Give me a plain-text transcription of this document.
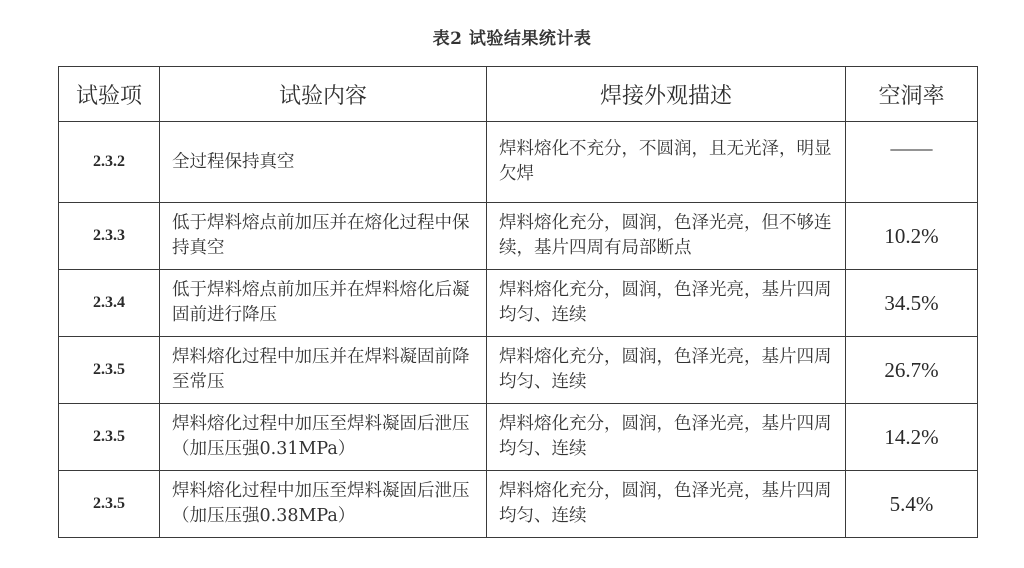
表2 试验结果统计表
试验项	试验内容	焊接外观描述	空洞率
2.3.2	全过程保持真空	焊料熔化不充分，不圆润，且无光泽，明显欠焊	——
2.3.3	低于焊料熔点前加压并在熔化过程中保持真空	焊料熔化充分，圆润，色泽光亮，但不够连续，基片四周有局部断点	10.2%
2.3.4	低于焊料熔点前加压并在焊料熔化后凝固前进行降压	焊料熔化充分，圆润，色泽光亮，基片四周均匀、连续	34.5%
2.3.5	焊料熔化过程中加压并在焊料凝固前降至常压	焊料熔化充分，圆润，色泽光亮，基片四周均匀、连续	26.7%
2.3.5	焊料熔化过程中加压至焊料凝固后泄压（加压压强0.31MPa）	焊料熔化充分，圆润，色泽光亮，基片四周均匀、连续	14.2%
2.3.5	焊料熔化过程中加压至焊料凝固后泄压（加压压强0.38MPa）	焊料熔化充分，圆润，色泽光亮，基片四周均匀、连续	5.4%
